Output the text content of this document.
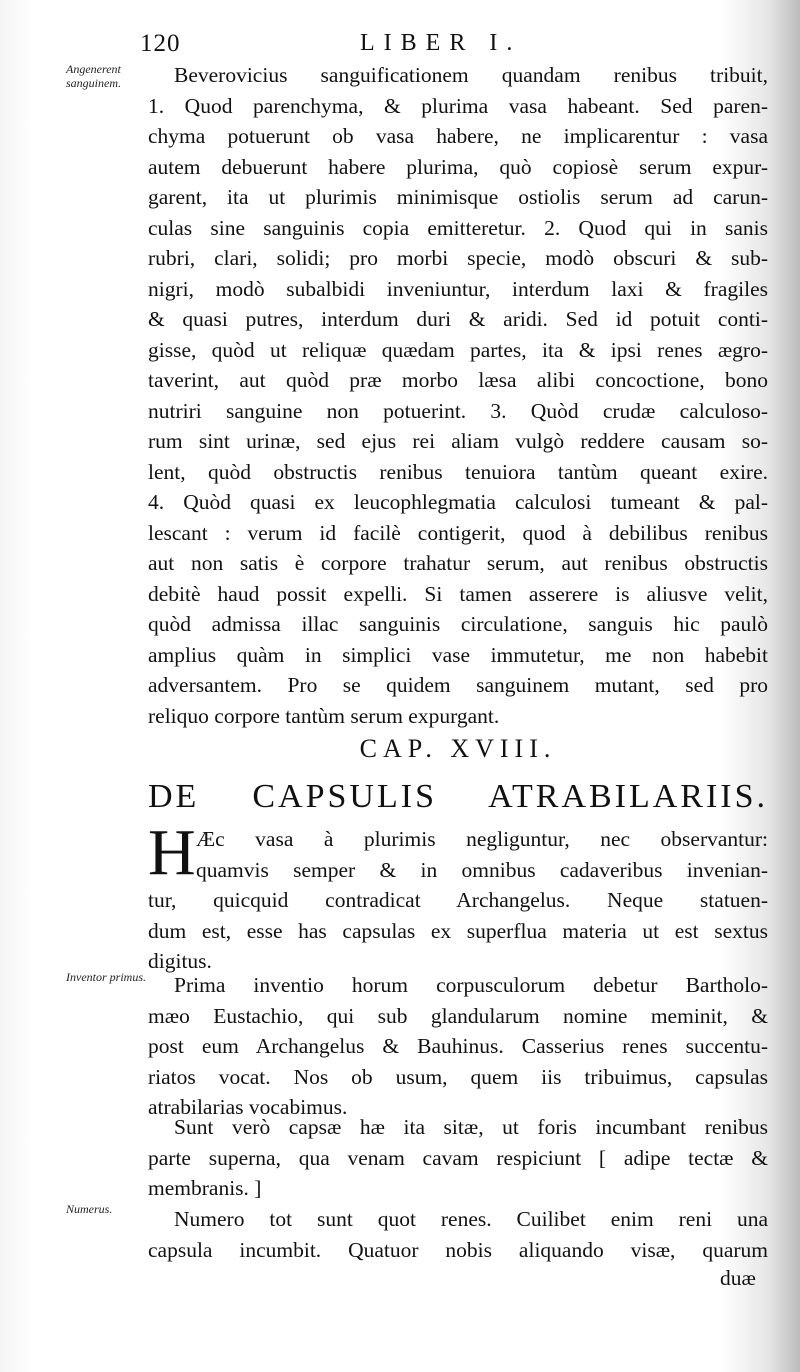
120	LIBER I.
Angenerent sanguinem.
Inventor primus.
Numerus.
Beverovicius sanguificationem quandam renibus tribuit,
1. Quod parenchyma, & plurima vasa habeant. Sed paren-
chyma potuerunt ob vasa habere, ne implicarentur : vasa
autem debuerunt habere plurima, quò copiosè serum expur-
garent, ita ut plurimis minimisque ostiolis serum ad carun-
culas sine sanguinis copia emitteretur. 2. Quod qui in sanis
rubri, clari, solidi; pro morbi specie, modò obscuri & sub-
nigri, modò subalbidi inveniuntur, interdum laxi & fragiles
& quasi putres, interdum duri & aridi. Sed id potuit conti-
gisse, quòd ut reliquæ quædam partes, ita & ipsi renes ægro-
taverint, aut quòd præ morbo læsa alibi concoctione, bono
nutriri sanguine non potuerint. 3. Quòd crudæ calculoso-
rum sint urinæ, sed ejus rei aliam vulgò reddere causam so-
lent, quòd obstructis renibus tenuiora tantùm queant exire.
4. Quòd quasi ex leucophlegmatia calculosi tumeant & pal-
lescant : verum id facilè contigerit, quod à debilibus renibus
aut non satis è corpore trahatur serum, aut renibus obstructis
debitè haud possit expelli. Si tamen asserere is aliusve velit,
quòd admissa illac sanguinis circulatione, sanguis hic paulò
amplius quàm in simplici vase immutetur, me non habebit
adversantem. Pro se quidem sanguinem mutant, sed pro
reliquo corpore tantùm serum expurgant.
CAP. XVIII.
DE CAPSULIS ATRABILARIIS.
H Æc vasa à plurimis negliguntur, nec observantur:
quamvis semper & in omnibus cadaveribus invenian-
tur, quicquid contradicat Archangelus. Neque statuen-
dum est, esse has capsulas ex superflua materia ut est sextus
digitus.
Prima inventio horum corpusculorum debetur Bartholo-
mæo Eustachio, qui sub glandularum nomine meminit, &
post eum Archangelus & Bauhinus. Casserius renes succentu-
riatos vocat. Nos ob usum, quem iis tribuimus, capsulas
atrabilarias vocabimus.
Sunt verò capsæ hæ ita sitæ, ut foris incumbant renibus
parte superna, qua venam cavam respiciunt [ adipe tectæ &
membranis. ]
Numero tot sunt quot renes. Cuilibet enim reni una
capsula incumbit. Quatuor nobis aliquando visæ, quarum
duæ
